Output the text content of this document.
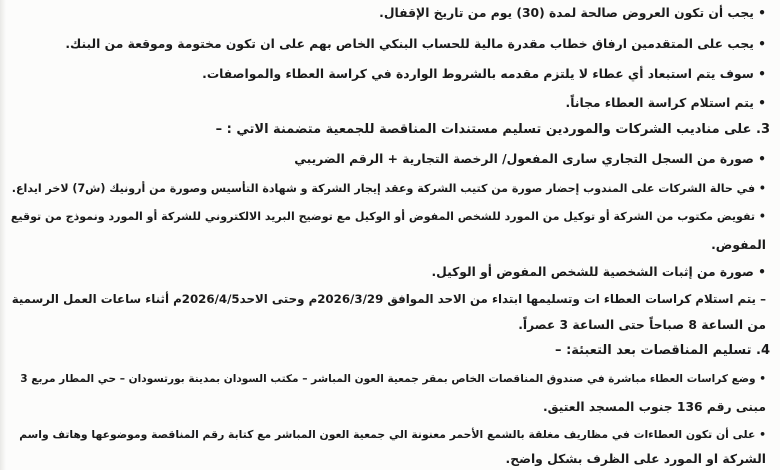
• يجب أن تكون العروض صالحة لمدة (30) يوم من تاريخ الإقفال.
• يجب على المتقدمين ارفاق خطاب مقدرة مالية للحساب البنكي الخاص بهم على ان تكون مختومة وموقعة من البنك.
• سوف يتم استبعاد أي عطاء لا يلتزم مقدمه بالشروط الواردة في كراسة العطاء والمواصفات.
• يتم استلام كراسة العطاء مجاناً.
3. على مناديب الشركات والموردين تسليم مستندات المناقصة للجمعية متضمنة الاتي : –
• صورة من السجل التجاري سارى المفعول/ الرخصة التجارية + الرقم الضريبي
• في حالة الشركات على المندوب إحضار صورة من كتيب الشركة وعقد إيجار الشركة و شهادة التأسيس وصورة من أرونيك (ش7) لاخر ايداع.
• تفويض مكتوب من الشركة أو توكيل من المورد للشخص المفوض أو الوكيل مع توضيح البريد الالكتروني للشركة أو المورد ونموذج من توقيع
المفوض.
• صورة من إثبات الشخصية للشخص المفوض أو الوكيل.
– يتم استلام كراسات العطاء ات وتسليمها ابتداء من الاحد الموافق 2026/3/29م وحتى الاحد2026/4/5م أثناء ساعات العمل الرسمية
من الساعة 8 صباحاً حتى الساعة 3 عصراً.
4. تسليم المناقصات بعد التعبئة: –
• وضع كراسات العطاء مباشرة في صندوق المناقصات الخاص بمقر جمعية العون المباشر – مكتب السودان بمدينة بورتسودان – حي المطار مربع 3
مبنى رقم 136 جنوب المسجد العتيق.
• على أن تكون العطاءات في مظاريف مغلقة بالشمع الأحمر معنونة الي جمعية العون المباشر مع كتابة رقم المناقصة وموضوعها وهاتف واسم
الشركة او المورد على الظرف بشكل واضح.
